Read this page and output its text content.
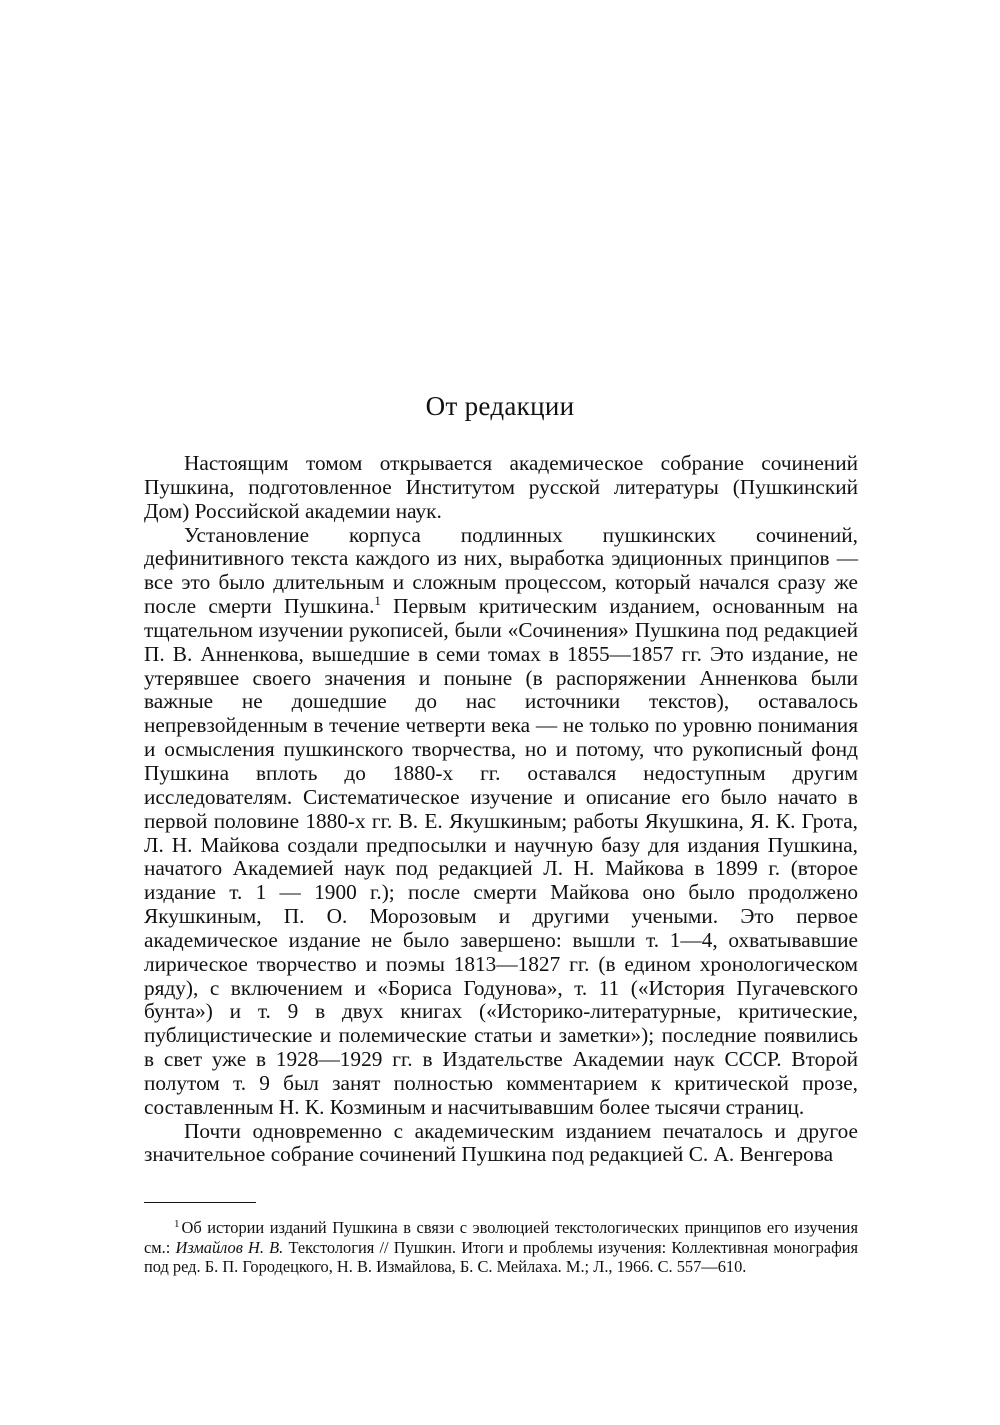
От редакции

Настоящим томом открывается академическое собрание сочинений Пушкина, подготовленное Институтом русской литературы (Пушкинский Дом) Российской академии наук.

Установление корпуса подлинных пушкинских сочинений, дефинитивного текста каждого из них, выработка эдиционных принципов — все это было длительным и сложным процессом, который начался сразу же после смерти Пушкина.$^1$ Первым критическим изданием, основанным на тщательном изучении рукописей, были «Сочинения» Пушкина под редакцией П. В. Анненкова, вышедшие в семи томах в 1855—1857 гг. Это издание, не утерявшее своего значения и поныне (в распоряжении Анненкова были важные не дошедшие до нас источники текстов), оставалось непревзойденным в течение четверти века — не только по уровню понимания и осмысления пушкинского творчества, но и потому, что рукописный фонд Пушкина вплоть до 1880-х гг. оставался недоступным другим исследователям. Систематическое изучение и описание его было начато в первой половине 1880-х гг. В. Е. Якушкиным; работы Якушкина, Я. К. Грота, Л. Н. Майкова создали предпосылки и научную базу для издания Пушкина, начатого Академией наук под редакцией Л. Н. Майкова в 1899 г. (второе издание т. 1 — 1900 г.); после смерти Майкова оно было продолжено Якушкиным, П. О. Морозовым и другими учеными. Это первое академическое издание не было завершено: вышли т. 1—4, охватывавшие лирическое творчество и поэмы 1813—1827 гг. (в едином хронологическом ряду), с включением и «Бориса Годунова», т. 11 («История Пугачевского бунта») и т. 9 в двух книгах («Историко-литературные, критические, публицистические и полемические статьи и заметки»); последние появились в свет уже в 1928—1929 гг. в Издательстве Академии наук СССР. Второй полутом т. 9 был занят полностью комментарием к критической прозе, составленным Н. К. Козминым и насчитывавшим более тысячи страниц.

Почти одновременно с академическим изданием печаталось и другое значительное собрание сочинений Пушкина под редакцией С. А. Венгерова

$^1$ Об истории изданий Пушкина в связи с эволюцией текстологических принципов его изучения см.: Измайлов Н. В. Текстология // Пушкин. Итоги и проблемы изучения: Коллективная монография под ред. Б. П. Городецкого, Н. В. Измайлова, Б. С. Мейлаха. М.; Л., 1966. С. 557—610.
